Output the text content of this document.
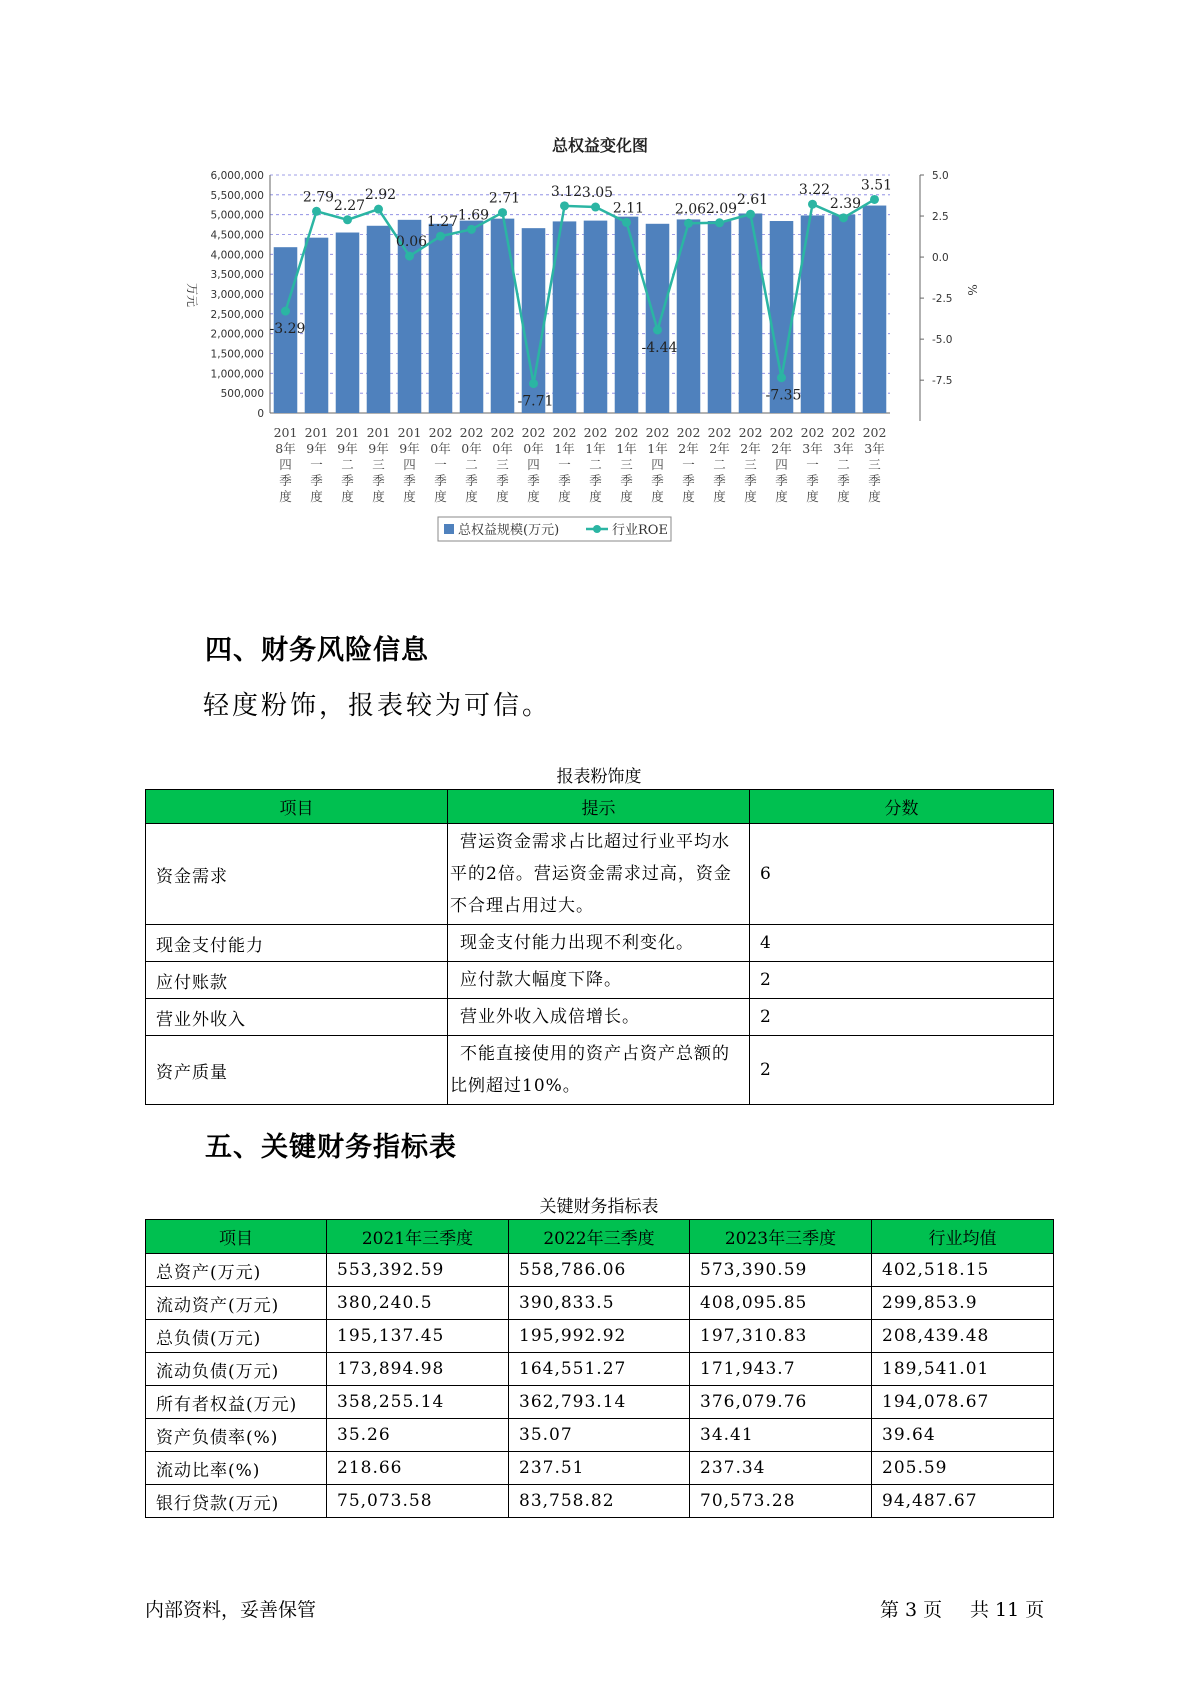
总权益变化图
6,000,000
5,500,000
5,000,000
4,500,000
4,000,000
3,500,000
3,000,000
2,500,000
2,000,000
1,500,000
1,000,000
500,000
0
5.0
2.5
0.0
-2.5
-5.0
-7.5
万元	%
201
8年
四
季
度
201
9年
一
季
度
201
9年
二
季
度
201
9年
三
季
度
201
9年
四
季
度
202
0年
一
季
度
202
0年
二
季
度
202
0年
三
季
度
202
0年
四
季
度
202
1年
一
季
度
202
1年
二
季
度
202
1年
三
季
度
202
1年
四
季
度
202
2年
一
季
度
202
2年
二
季
度
202
2年
三
季
度
202
2年
四
季
度
202
3年
一
季
度
202
3年
二
季
度
202
3年
三
季
度
-3.29
2.79
2.27
2.92
0.06
1.27 1.69
2.71
-7.71
3.12 3.05
2.11
-4.44
2.06 2.09
2.61
-7.35
3.22
2.39
3.51
总权益规模(万元)	行业ROE
四、财务风险信息
轻度粉饰，报表较为可信。
报表粉饰度
项目	提示	分数
资金需求	营运资金需求占比超过行业平均水平的2倍。营运资金需求过高，资金不合理占用过大。	6
现金支付能力	现金支付能力出现不利变化。	4
应付账款	应付款大幅度下降。	2
营业外收入	营业外收入成倍增长。	2
资产质量	不能直接使用的资产占资产总额的比例超过10%。	2
五、关键财务指标表
关键财务指标表
项目	2021年三季度	2022年三季度	2023年三季度	行业均值
总资产(万元)	553,392.59	558,786.06	573,390.59	402,518.15
流动资产(万元)	380,240.5	390,833.5	408,095.85	299,853.9
总负债(万元)	195,137.45	195,992.92	197,310.83	208,439.48
流动负债(万元)	173,894.98	164,551.27	171,943.7	189,541.01
所有者权益(万元)	358,255.14	362,793.14	376,079.76	194,078.67
资产负债率(%)	35.26	35.07	34.41	39.64
流动比率(%)	218.66	237.51	237.34	205.59
银行贷款(万元)	75,073.58	83,758.82	70,573.28	94,487.67
内部资料，妥善保管	第 3 页 共 11 页
